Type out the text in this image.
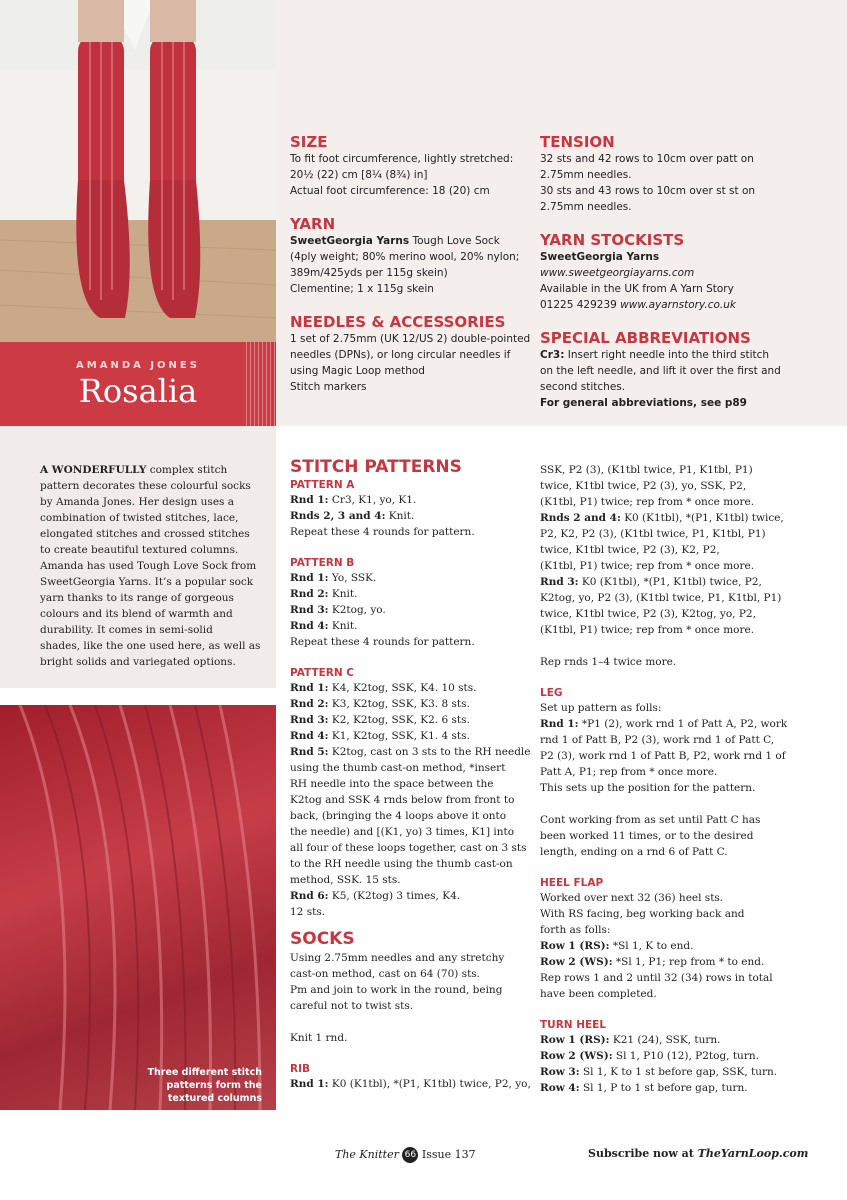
AMANDA JONES
Rosalia
Three different stitch
patterns form the
textured columns
SIZE
To fit foot circumference, lightly stretched:
20½ (22) cm [8¼ (8¾) in]
Actual foot circumference: 18 (20) cm
YARN
SweetGeorgia Yarns Tough Love Sock
(4ply weight; 80% merino wool, 20% nylon;
389m/425yds per 115g skein)
Clementine; 1 x 115g skein
NEEDLES & ACCESSORIES
1 set of 2.75mm (UK 12/US 2) double-pointed
needles (DPNs), or long circular needles if
using Magic Loop method
Stitch markers
TENSION
32 sts and 42 rows to 10cm over patt on
2.75mm needles.
30 sts and 43 rows to 10cm over st st on
2.75mm needles.
YARN STOCKISTS
SweetGeorgia Yarns
www.sweetgeorgiayarns.com
Available in the UK from A Yarn Story
01225 429239 www.ayarnstory.co.uk
SPECIAL ABBREVIATIONS
Cr3: Insert right needle into the third stitch
on the left needle, and lift it over the first and
second stitches.
For general abbreviations, see p89
A WONDERFULLY complex stitch
pattern decorates these colourful socks
by Amanda Jones. Her design uses a
combination of twisted stitches, lace,
elongated stitches and crossed stitches
to create beautiful textured columns.
Amanda has used Tough Love Sock from
SweetGeorgia Yarns. It’s a popular sock
yarn thanks to its range of gorgeous
colours and its blend of warmth and
durability. It comes in semi-solid
shades, like the one used here, as well as
bright solids and variegated options.
STITCH PATTERNS
PATTERN A
Rnd 1: Cr3, K1, yo, K1.
Rnds 2, 3 and 4: Knit.
Repeat these 4 rounds for pattern.
PATTERN B
Rnd 1: Yo, SSK.
Rnd 2: Knit.
Rnd 3: K2tog, yo.
Rnd 4: Knit.
Repeat these 4 rounds for pattern.
PATTERN C
Rnd 1: K4, K2tog, SSK, K4. 10 sts.
Rnd 2: K3, K2tog, SSK, K3. 8 sts.
Rnd 3: K2, K2tog, SSK, K2. 6 sts.
Rnd 4: K1, K2tog, SSK, K1. 4 sts.
Rnd 5: K2tog, cast on 3 sts to the RH needle
using the thumb cast-on method, *insert
RH needle into the space between the
K2tog and SSK 4 rnds below from front to
back, (bringing the 4 loops above it onto
the needle) and [(K1, yo) 3 times, K1] into
all four of these loops together, cast on 3 sts
to the RH needle using the thumb cast-on
method, SSK. 15 sts.
Rnd 6: K5, (K2tog) 3 times, K4.
12 sts.
SOCKS
Using 2.75mm needles and any stretchy
cast-on method, cast on 64 (70) sts.
Pm and join to work in the round, being
careful not to twist sts.
Knit 1 rnd.
RIB
Rnd 1: K0 (K1tbl), *(P1, K1tbl) twice, P2, yo,
SSK, P2 (3), (K1tbl twice, P1, K1tbl, P1)
twice, K1tbl twice, P2 (3), yo, SSK, P2,
(K1tbl, P1) twice; rep from * once more.
Rnds 2 and 4: K0 (K1tbl), *(P1, K1tbl) twice,
P2, K2, P2 (3), (K1tbl twice, P1, K1tbl, P1)
twice, K1tbl twice, P2 (3), K2, P2,
(K1tbl, P1) twice; rep from * once more.
Rnd 3: K0 (K1tbl), *(P1, K1tbl) twice, P2,
K2tog, yo, P2 (3), (K1tbl twice, P1, K1tbl, P1)
twice, K1tbl twice, P2 (3), K2tog, yo, P2,
(K1tbl, P1) twice; rep from * once more.
Rep rnds 1–4 twice more.
LEG
Set up pattern as folls:
Rnd 1: *P1 (2), work rnd 1 of Patt A, P2, work
rnd 1 of Patt B, P2 (3), work rnd 1 of Patt C,
P2 (3), work rnd 1 of Patt B, P2, work rnd 1 of
Patt A, P1; rep from * once more.
This sets up the position for the pattern.
Cont working from as set until Patt C has
been worked 11 times, or to the desired
length, ending on a rnd 6 of Patt C.
HEEL FLAP
Worked over next 32 (36) heel sts.
With RS facing, beg working back and
forth as folls:
Row 1 (RS): *Sl 1, K to end.
Row 2 (WS): *Sl 1, P1; rep from * to end.
Rep rows 1 and 2 until 32 (34) rows in total
have been completed.
TURN HEEL
Row 1 (RS): K21 (24), SSK, turn.
Row 2 (WS): Sl 1, P10 (12), P2tog, turn.
Row 3: Sl 1, K to 1 st before gap, SSK, turn.
Row 4: Sl 1, P to 1 st before gap, turn.
The Knitter 66 Issue 137	Subscribe now at TheYarnLoop.com
